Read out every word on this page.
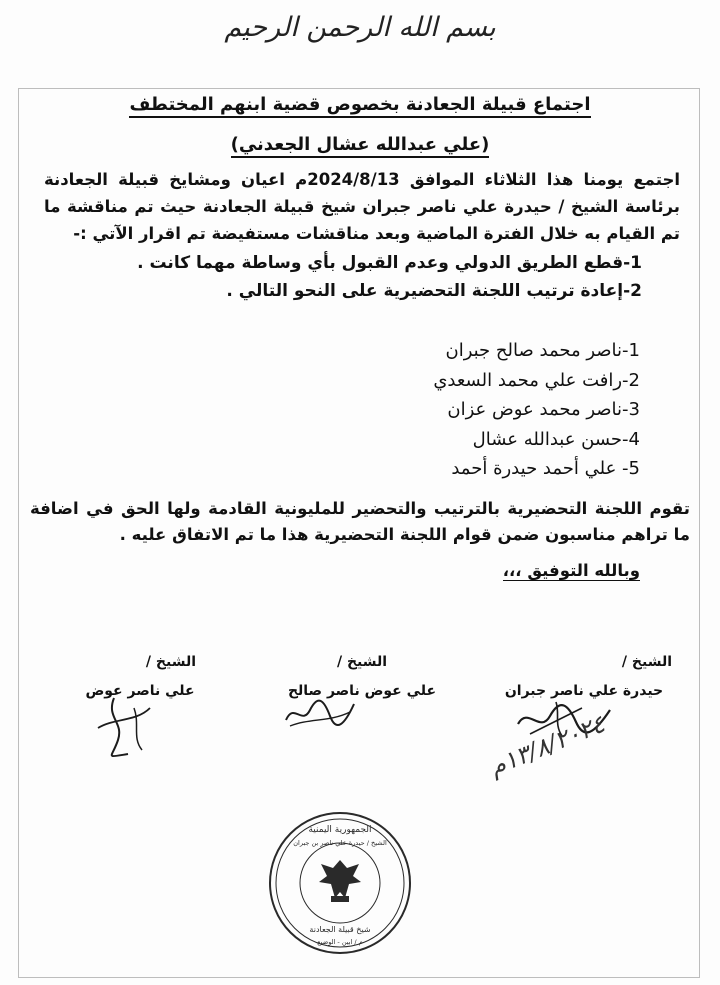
بسم الله الرحمن الرحيم
اجتماع قبيلة الجعادنة بخصوص قضية ابنهم المختطف
(علي عبدالله عشال الجعدني)
اجتمع يومنا هذا الثلاثاء الموافق 2024/8/13م اعيان ومشايخ قبيلة الجعادنة برئاسة الشيخ / حيدرة علي ناصر جبران شيخ قبيلة الجعادنة حيث تم مناقشة ما تم القيام به خلال الفترة الماضية وبعد مناقشات مستفيضة تم اقرار الآتي :-
1-قطع الطريق الدولي وعدم القبول بأي وساطة مهما كانت .
2-إعادة ترتيب اللجنة التحضيرية على النحو التالي .
1-ناصر محمد صالح جبران
2-رافت علي محمد السعدي
3-ناصر محمد عوض عزان
4-حسن عبدالله عشال
5- علي أحمد حيدرة أحمد
تقوم اللجنة التحضيرية بالترتيب والتحضير للمليونية القادمة ولها الحق في اضافة ما تراهم مناسبون ضمن قوام اللجنة التحضيرية هذا ما تم الاتفاق عليه .
وبالله التوفيق ،،،
الشيخ /
حيدرة علي ناصر جبران
الشيخ /
علي عوض ناصر صالح
الشيخ /
علي ناصر عوض
١٣/٨/٢٠٢٤م
الجمهورية اليمنية
الشيخ / حيدرة علي ناصر بن جبران
شيخ قبيلة الجعادنة
م / ابين - الوضيع
